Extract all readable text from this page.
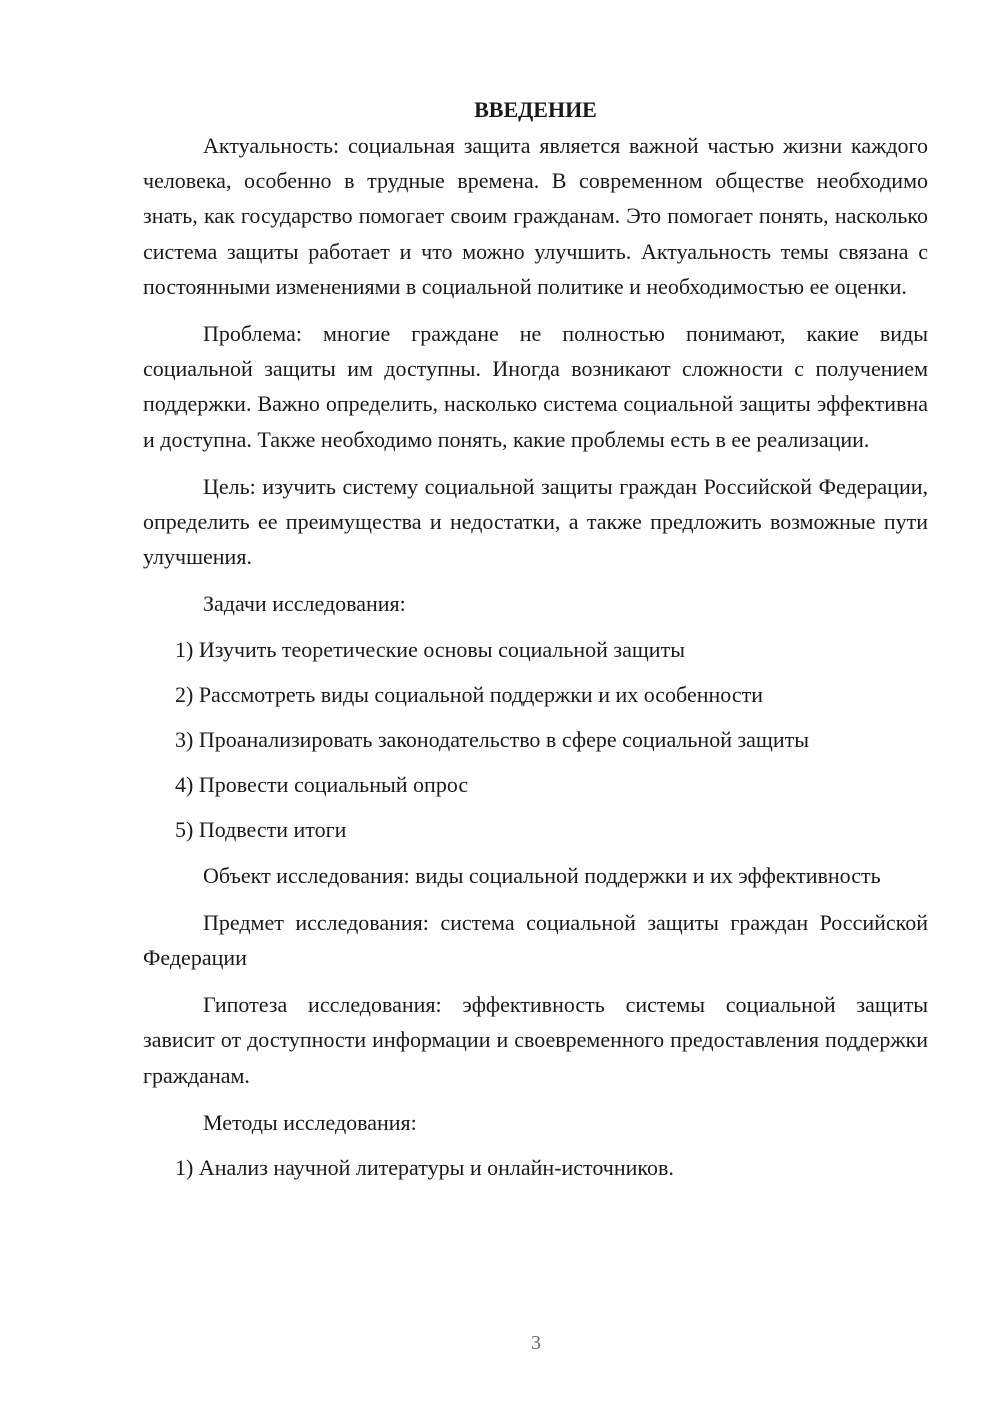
ВВЕДЕНИЕ

Актуальность: социальная защита является важной частью жизни каждого человека, особенно в трудные времена. В современном обществе необходимо знать, как государство помогает своим гражданам. Это помогает понять, насколько система защиты работает и что можно улучшить. Актуальность темы связана с постоянными изменениями в социальной политике и необходимостью ее оценки.

Проблема: многие граждане не полностью понимают, какие виды социальной защиты им доступны. Иногда возникают сложности с получением поддержки. Важно определить, насколько система социальной защиты эффективна и доступна. Также необходимо понять, какие проблемы есть в ее реализации.

Цель: изучить систему социальной защиты граждан Российской Федерации, определить ее преимущества и недостатки, а также предложить возможные пути улучшения.

Задачи исследования:

1) Изучить теоретические основы социальной защиты
2) Рассмотреть виды социальной поддержки и их особенности
3) Проанализировать законодательство в сфере социальной защиты
4) Провести социальный опрос
5) Подвести итоги

Объект исследования: виды социальной поддержки и их эффективность

Предмет исследования: система социальной защиты граждан Российской Федерации

Гипотеза исследования: эффективность системы социальной защиты зависит от доступности информации и своевременного предоставления поддержки гражданам.

Методы исследования:

1) Анализ научной литературы и онлайн-источников.
3
